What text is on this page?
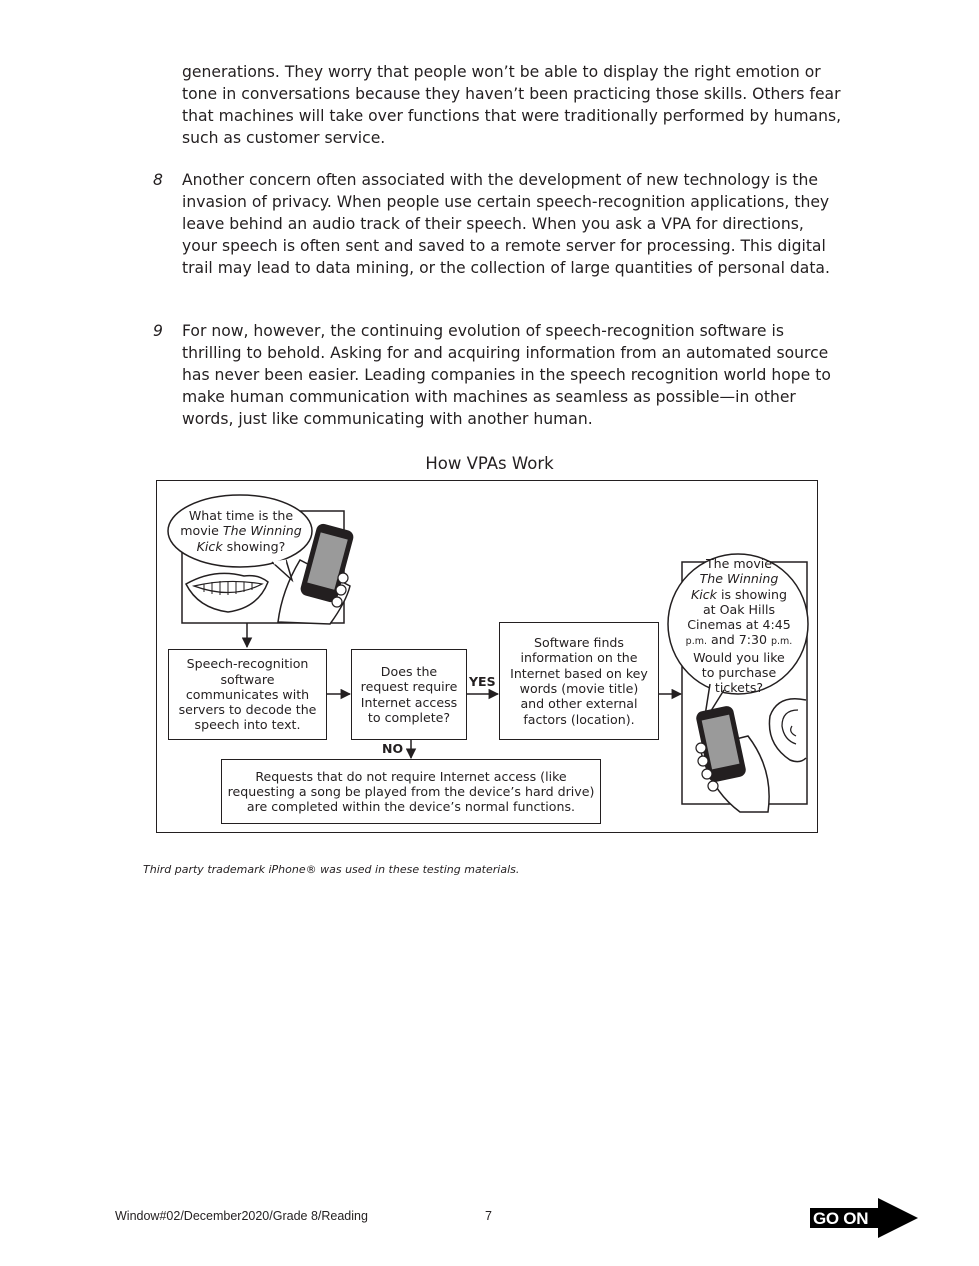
generations. They worry that people won’t be able to display the right emotion or tone in conversations because they haven’t been practicing those skills. Others fear that machines will take over functions that were traditionally performed by humans, such as customer service.

8 Another concern often associated with the development of new technology is the invasion of privacy. When people use certain speech-recognition applications, they leave behind an audio track of their speech. When you ask a VPA for directions, your speech is often sent and saved to a remote server for processing. This digital trail may lead to data mining, or the collection of large quantities of personal data.

9 For now, however, the continuing evolution of speech-recognition software is thrilling to behold. Asking for and acquiring information from an automated source has never been easier. Leading companies in the speech recognition world hope to make human communication with machines as seamless as possible—in other words, just like communicating with another human.

How VPAs Work
What time is the
movie The Winning
Kick showing?
The movie
The Winning
Kick is showing
at Oak Hills
Cinemas at 4:45
p.m. and 7:30 p.m.
Would you like
to purchase
tickets?
Speech-recognition software communicates with servers to decode the speech into text.
Does the request require Internet access to complete?
Software finds information on the Internet based on key words (movie title) and other external factors (location).
Requests that do not require Internet access (like requesting a song be played from the device’s hard drive) are completed within the device’s normal functions.
YES
NO
Third party trademark iPhone® was used in these testing materials.
Window#02/December2020/Grade 8/Reading	7	GO ON
